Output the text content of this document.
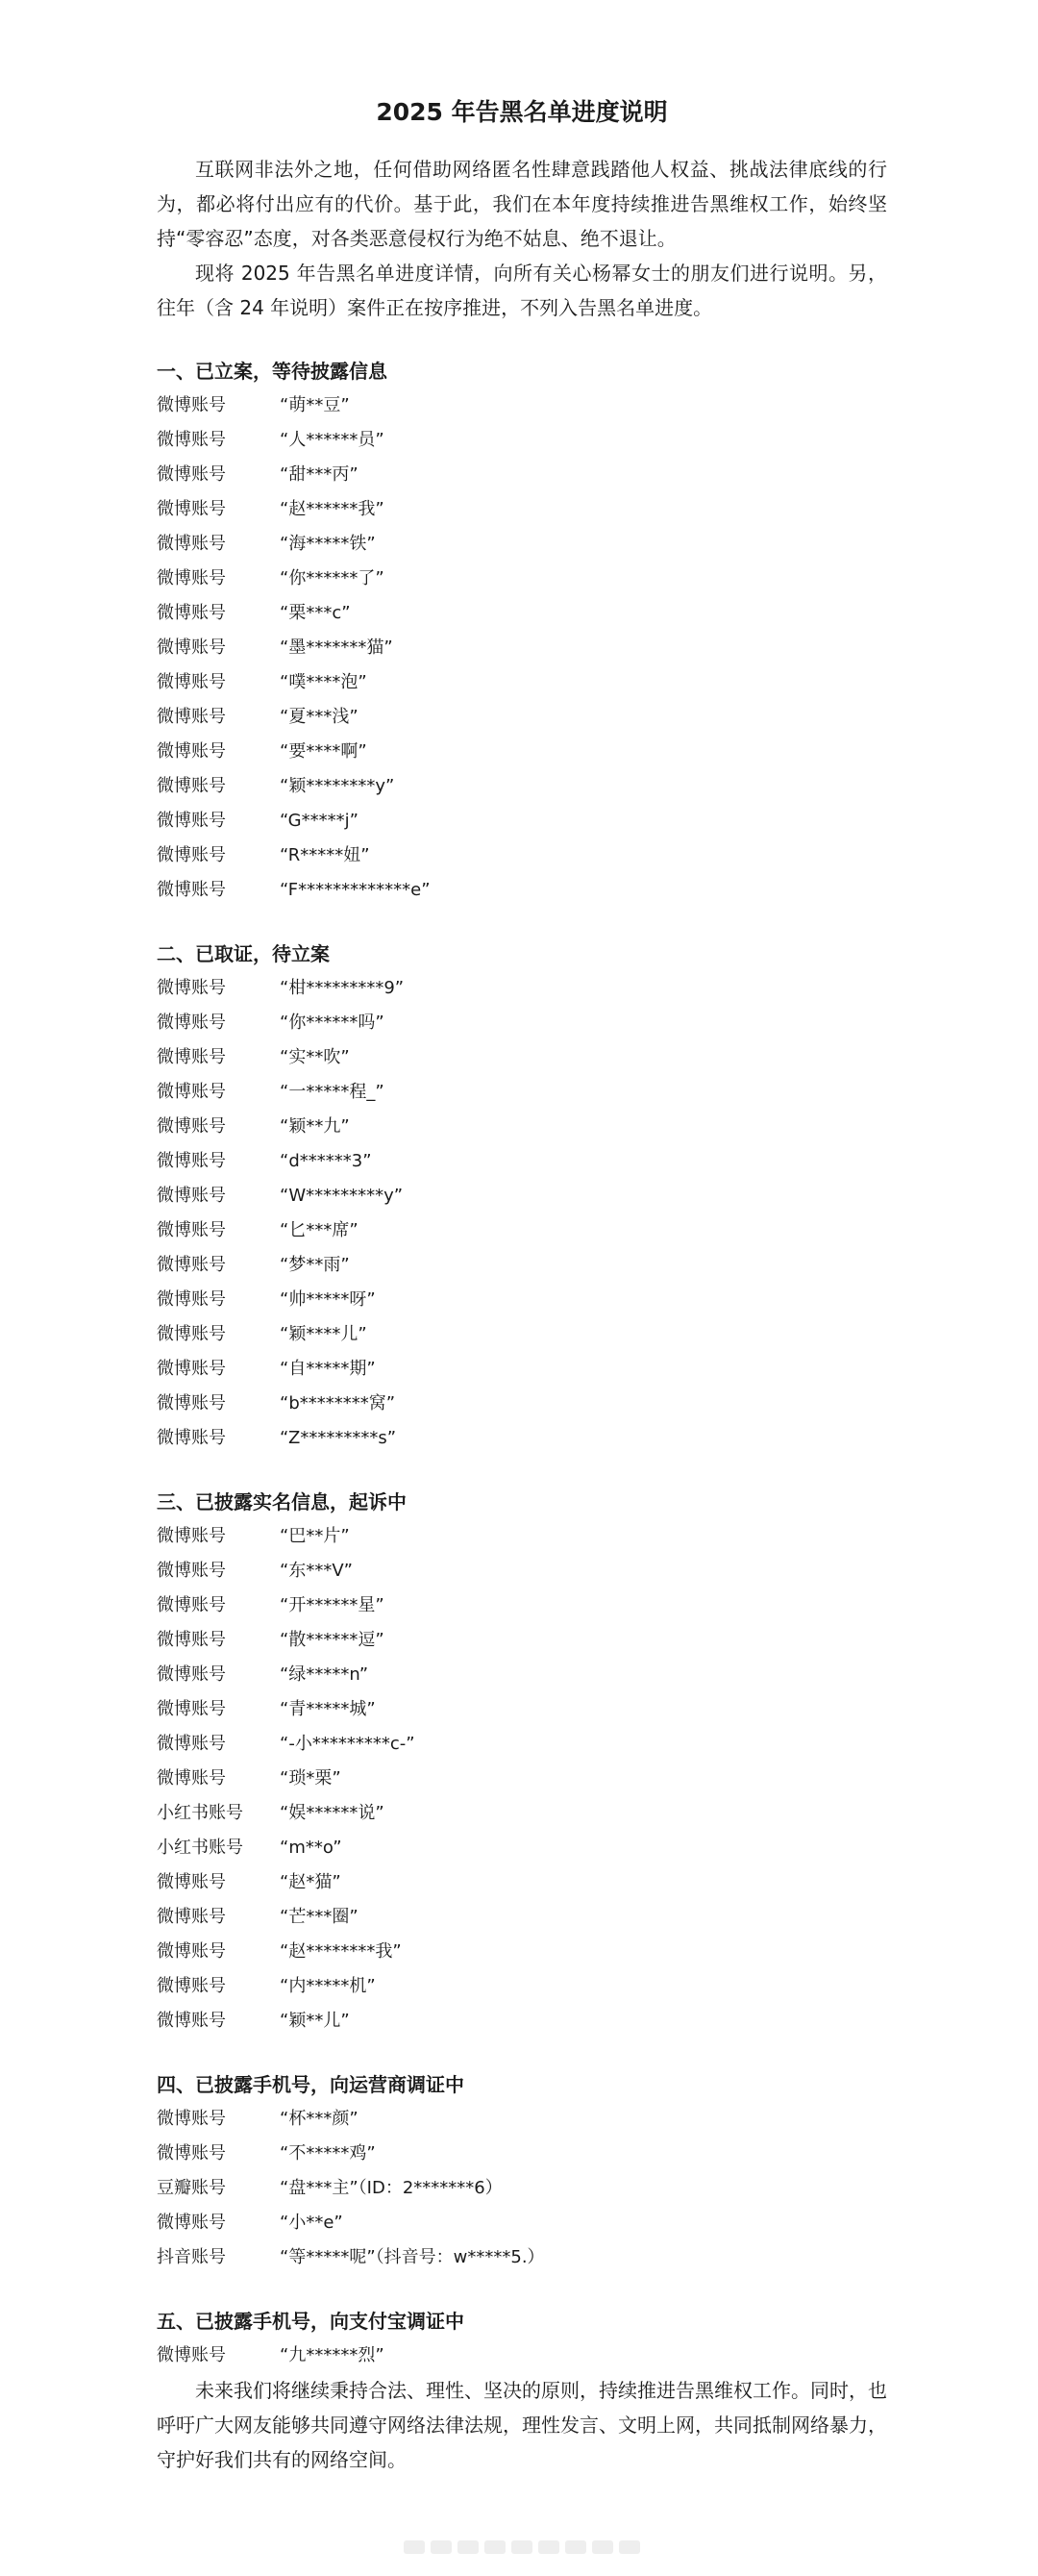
2025 年告黑名单进度说明

互联网非法外之地，任何借助网络匿名性肆意践踏他人权益、挑战法律底线的行为，都必将付出应有的代价。基于此，我们在本年度持续推进告黑维权工作，始终坚持“零容忍”态度，对各类恶意侵权行为绝不姑息、绝不退让。

现将 2025 年告黑名单进度详情，向所有关心杨幂女士的朋友们进行说明。另，往年（含 24 年说明）案件正在按序推进，不列入告黑名单进度。

一、已立案，等待披露信息
微博账号	“萌**豆”
微博账号	“人******员”
微博账号	“甜***丙”
微博账号	“赵******我”
微博账号	“海*****铁”
微博账号	“你******了”
微博账号	“栗***c”
微博账号	“墨*******猫”
微博账号	“噗****泡”
微博账号	“夏***浅”
微博账号	“要****啊”
微博账号	“颖********y”
微博账号	“G*****j”
微博账号	“R*****妞”
微博账号	“F*************e”
二、已取证，待立案
微博账号	“柑*********9”
微博账号	“你******吗”
微博账号	“实**吹”
微博账号	“一*****程_”
微博账号	“颖**九”
微博账号	“d******3”
微博账号	“W*********y”
微博账号	“匕***席”
微博账号	“梦**雨”
微博账号	“帅*****呀”
微博账号	“颖****儿”
微博账号	“自*****期”
微博账号	“b********窝”
微博账号	“Z*********s”
三、已披露实名信息，起诉中
微博账号	“巴**片”
微博账号	“东***V”
微博账号	“开******星”
微博账号	“散******逗”
微博账号	“绿*****n”
微博账号	“青*****城”
微博账号	“-小*********c-”
微博账号	“琐*栗”
小红书账号	“娱******说”
小红书账号	“m**o”
微博账号	“赵*猫”
微博账号	“芒***圈”
微博账号	“赵********我”
微博账号	“内*****机”
微博账号	“颖**儿”
四、已披露手机号，向运营商调证中
微博账号	“杯***颜”
微博账号	“不*****鸡”
豆瓣账号	“盘***主”（ID：2*******6）
微博账号	“小**e”
抖音账号	“等*****呢”（抖音号：w*****5.）
五、已披露手机号，向支付宝调证中
微博账号	“九******烈”

未来我们将继续秉持合法、理性、坚决的原则，持续推进告黑维权工作。同时，也呼吁广大网友能够共同遵守网络法律法规，理性发言、文明上网，共同抵制网络暴力，守护好我们共有的网络空间。
